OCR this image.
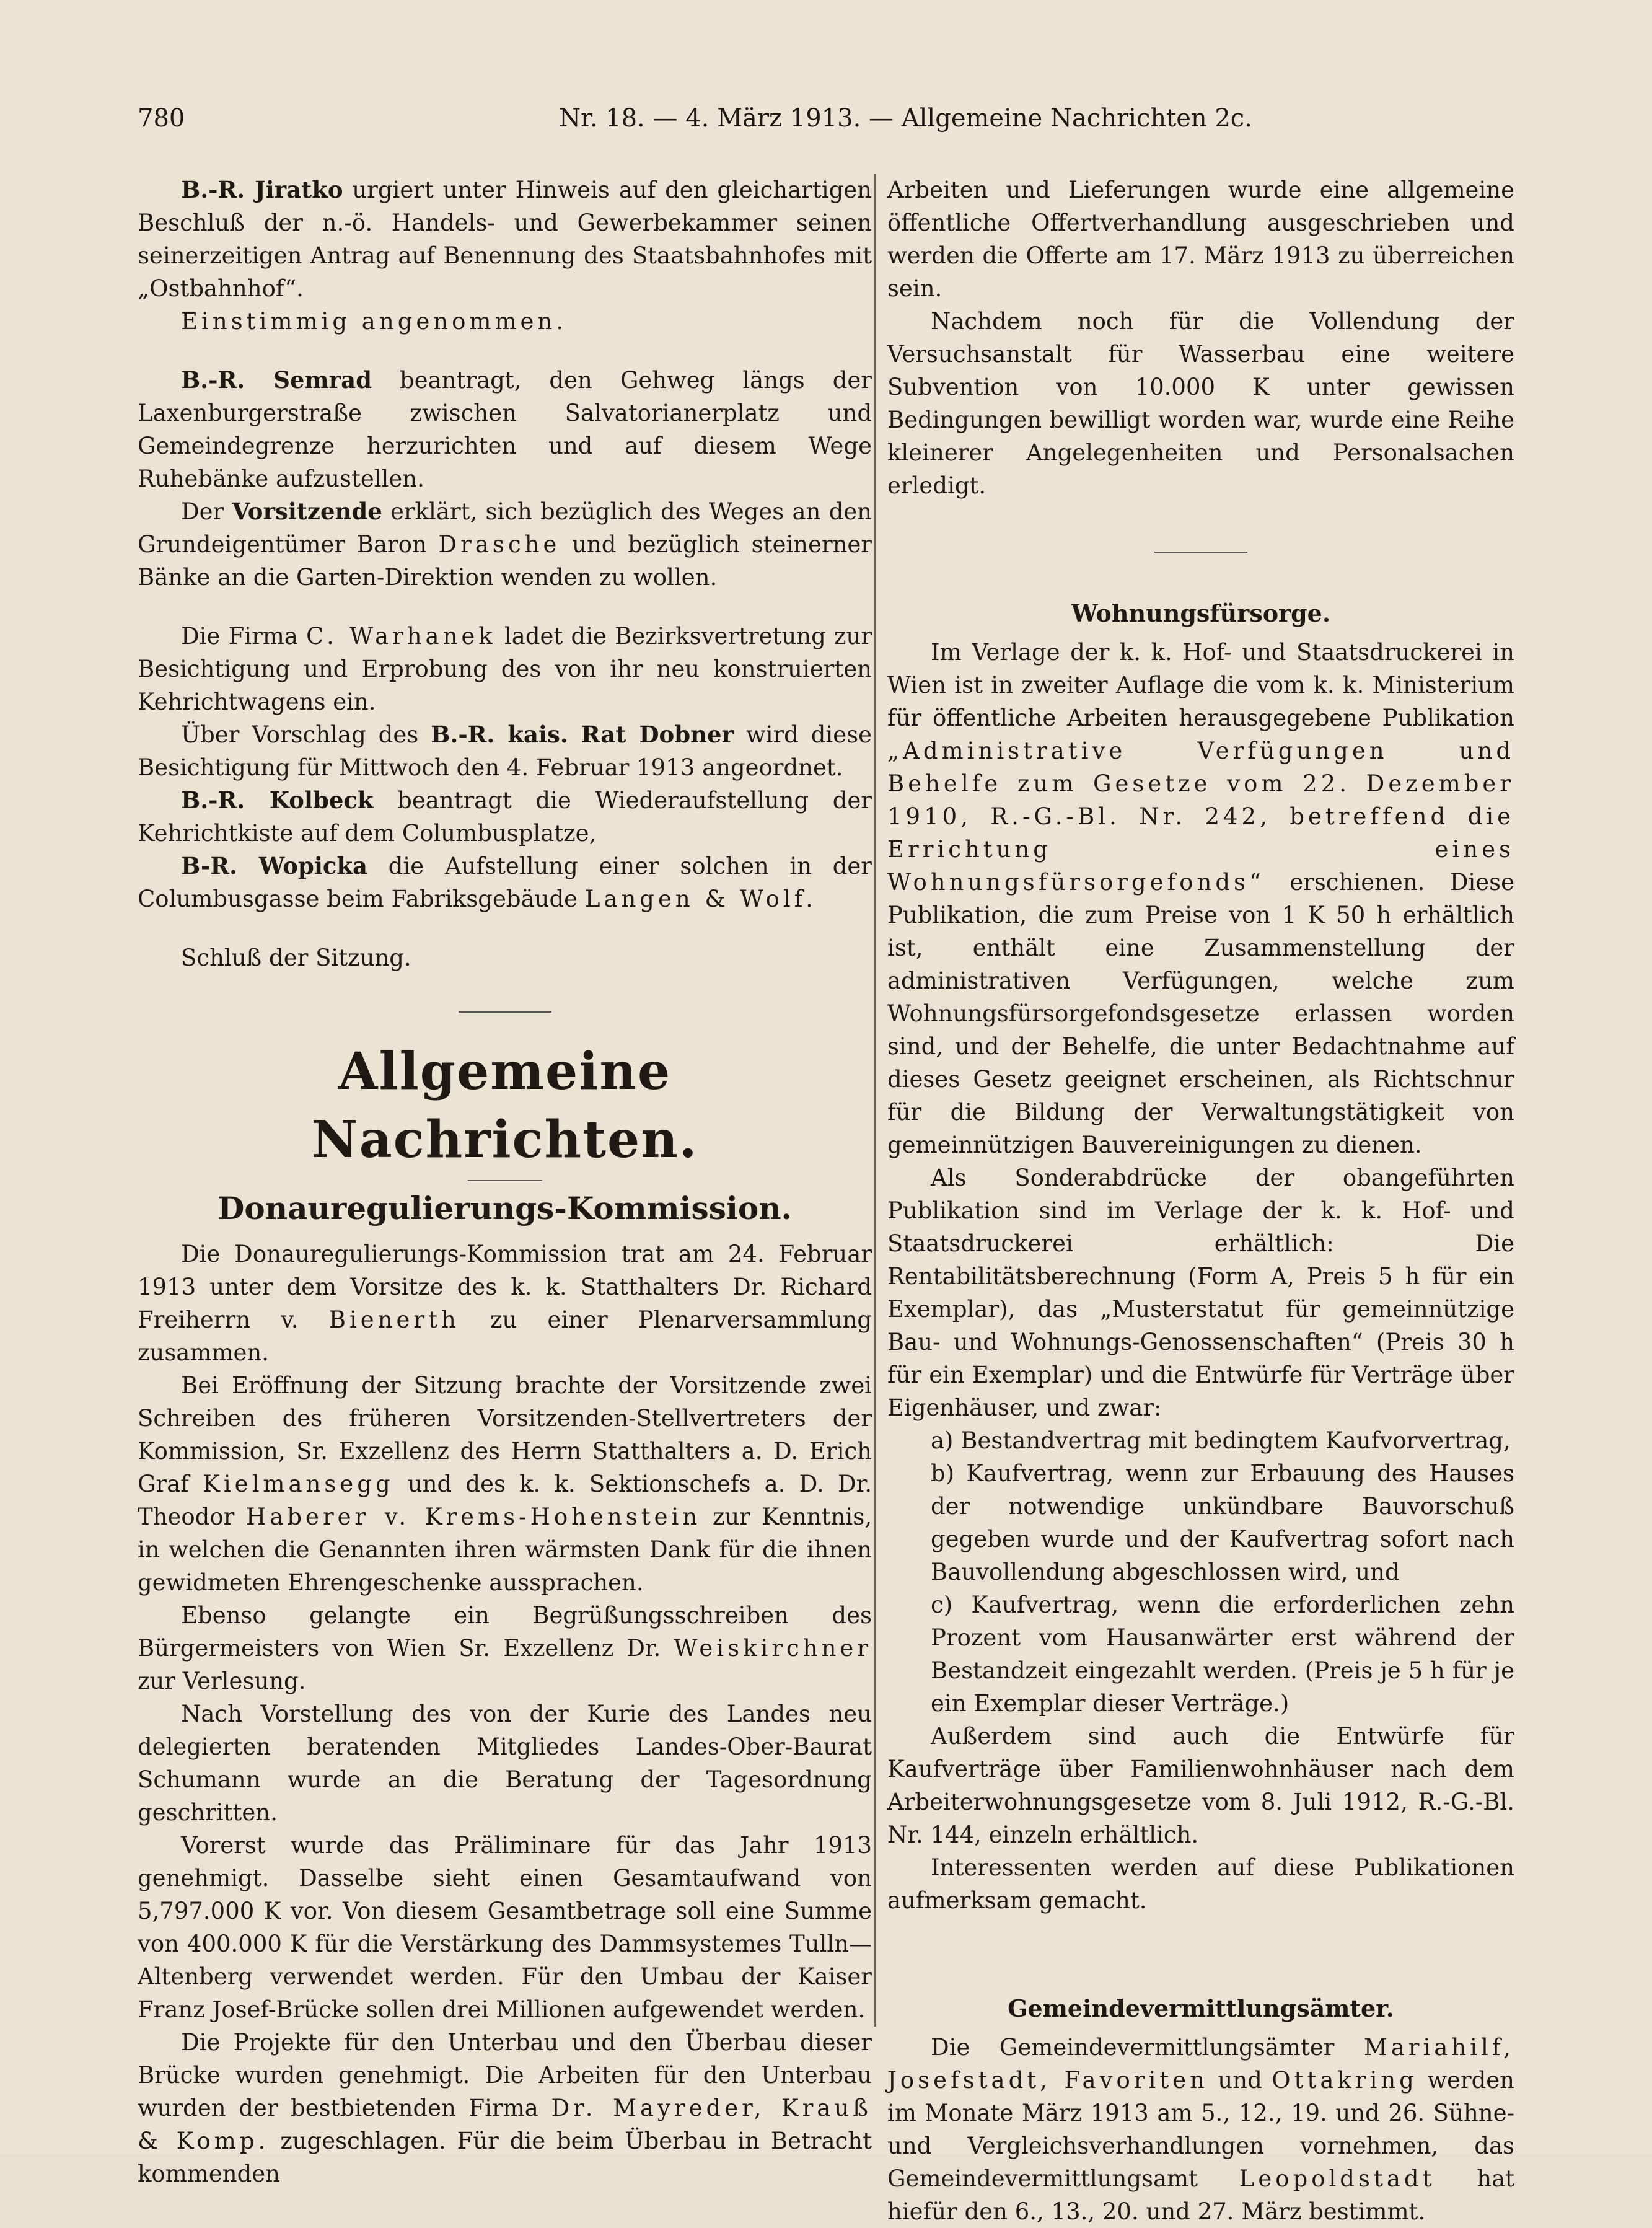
780	Nr. 18. — 4. März 1913. — Allgemeine Nachrichten 2c.

B.-R. Jiratko urgiert unter Hinweis auf den gleichartigen Beschluß der n.-ö. Handels- und Gewerbekammer seinen seinerzeitigen Antrag auf Benennung des Staatsbahnhofes mit „Ostbahnhof“.

Einstimmig angenommen.

B.-R. Semrad beantragt, den Gehweg längs der Laxenburgerstraße zwischen Salvatorianerplatz und Gemeindegrenze herzurichten und auf diesem Wege Ruhebänke aufzustellen.

Der Vorsitzende erklärt, sich bezüglich des Weges an den Grundeigentümer Baron Drasche und bezüglich steinerner Bänke an die Garten-Direktion wenden zu wollen.

Die Firma C. Warhanek ladet die Bezirksvertretung zur Besichtigung und Erprobung des von ihr neu konstruierten Kehrichtwagens ein.

Über Vorschlag des B.-R. kais. Rat Dobner wird diese Besichtigung für Mittwoch den 4. Februar 1913 angeordnet.

B.-R. Kolbeck beantragt die Wiederaufstellung der Kehrichtkiste auf dem Columbusplatze,

B-R. Wopicka die Aufstellung einer solchen in der Columbusgasse beim Fabriksgebäude Langen & Wolf.

Schluß der Sitzung.

Allgemeine Nachrichten.
Donauregulierungs-Kommission.

Die Donauregulierungs-Kommission trat am 24. Februar 1913 unter dem Vorsitze des k. k. Statthalters Dr. Richard Freiherrn v. Bienerth zu einer Plenarversammlung zusammen.

Bei Eröffnung der Sitzung brachte der Vorsitzende zwei Schreiben des früheren Vorsitzenden-Stellvertreters der Kommission, Sr. Exzellenz des Herrn Statthalters a. D. Erich Graf Kielmansegg und des k. k. Sektionschefs a. D. Dr. Theodor Haberer v. Krems-Hohenstein zur Kenntnis, in welchen die Genannten ihren wärmsten Dank für die ihnen gewidmeten Ehrengeschenke aussprachen.

Ebenso gelangte ein Begrüßungsschreiben des Bürgermeisters von Wien Sr. Exzellenz Dr. Weiskirchner zur Verlesung.

Nach Vorstellung des von der Kurie des Landes neu delegierten beratenden Mitgliedes Landes-Ober-Baurat Schumann wurde an die Beratung der Tagesordnung geschritten.

Vorerst wurde das Präliminare für das Jahr 1913 genehmigt. Dasselbe sieht einen Gesamtaufwand von 5,797.000 K vor. Von diesem Gesamtbetrage soll eine Summe von 400.000 K für die Verstärkung des Dammsystemes Tulln—Altenberg verwendet werden. Für den Umbau der Kaiser Franz Josef-Brücke sollen drei Millionen aufgewendet werden.

Die Projekte für den Unterbau und den Überbau dieser Brücke wurden genehmigt. Die Arbeiten für den Unterbau wurden der bestbietenden Firma Dr. Mayreder, Krauß & Komp. zugeschlagen. Für die beim Überbau in Betracht kommenden

Arbeiten und Lieferungen wurde eine allgemeine öffentliche Offertverhandlung ausgeschrieben und werden die Offerte am 17. März 1913 zu überreichen sein.

Nachdem noch für die Vollendung der Versuchsanstalt für Wasserbau eine weitere Subvention von 10.000 K unter gewissen Bedingungen bewilligt worden war, wurde eine Reihe kleinerer Angelegenheiten und Personalsachen erledigt.

Wohnungsfürsorge.

Im Verlage der k. k. Hof- und Staatsdruckerei in Wien ist in zweiter Auflage die vom k. k. Ministerium für öffentliche Arbeiten herausgegebene Publikation „Administrative Verfügungen und Behelfe zum Gesetze vom 22. Dezember 1910, R.-G.-Bl. Nr. 242, betreffend die Errichtung eines Wohnungsfürsorgefonds“ erschienen. Diese Publikation, die zum Preise von 1 K 50 h erhältlich ist, enthält eine Zusammenstellung der administrativen Verfügungen, welche zum Wohnungsfürsorgefondsgesetze erlassen worden sind, und der Behelfe, die unter Bedachtnahme auf dieses Gesetz geeignet erscheinen, als Richtschnur für die Bildung der Verwaltungstätigkeit von gemeinnützigen Bauvereinigungen zu dienen.

Als Sonderabdrücke der obangeführten Publikation sind im Verlage der k. k. Hof- und Staatsdruckerei erhältlich: Die Rentabilitätsberechnung (Form A, Preis 5 h für ein Exemplar), das „Musterstatut für gemeinnützige Bau- und Wohnungs-Genossenschaften“ (Preis 30 h für ein Exemplar) und die Entwürfe für Verträge über Eigenhäuser, und zwar:

a) Bestandvertrag mit bedingtem Kaufvorvertrag,

b) Kaufvertrag, wenn zur Erbauung des Hauses der notwendige unkündbare Bauvorschuß gegeben wurde und der Kaufvertrag sofort nach Bauvollendung abgeschlossen wird, und

c) Kaufvertrag, wenn die erforderlichen zehn Prozent vom Hausanwärter erst während der Bestandzeit eingezahlt werden. (Preis je 5 h für je ein Exemplar dieser Verträge.)

Außerdem sind auch die Entwürfe für Kaufverträge über Familienwohnhäuser nach dem Arbeiterwohnungsgesetze vom 8. Juli 1912, R.-G.-Bl. Nr. 144, einzeln erhältlich.

Interessenten werden auf diese Publikationen aufmerksam gemacht.

Gemeindevermittlungsämter.

Die Gemeindevermittlungsämter Mariahilf, Josefstadt, Favoriten und Ottakring werden im Monate März 1913 am 5., 12., 19. und 26. Sühne- und Vergleichsverhandlungen vornehmen, das Gemeindevermittlungsamt Leopoldstadt hat hiefür den 6., 13., 20. und 27. März bestimmt.
